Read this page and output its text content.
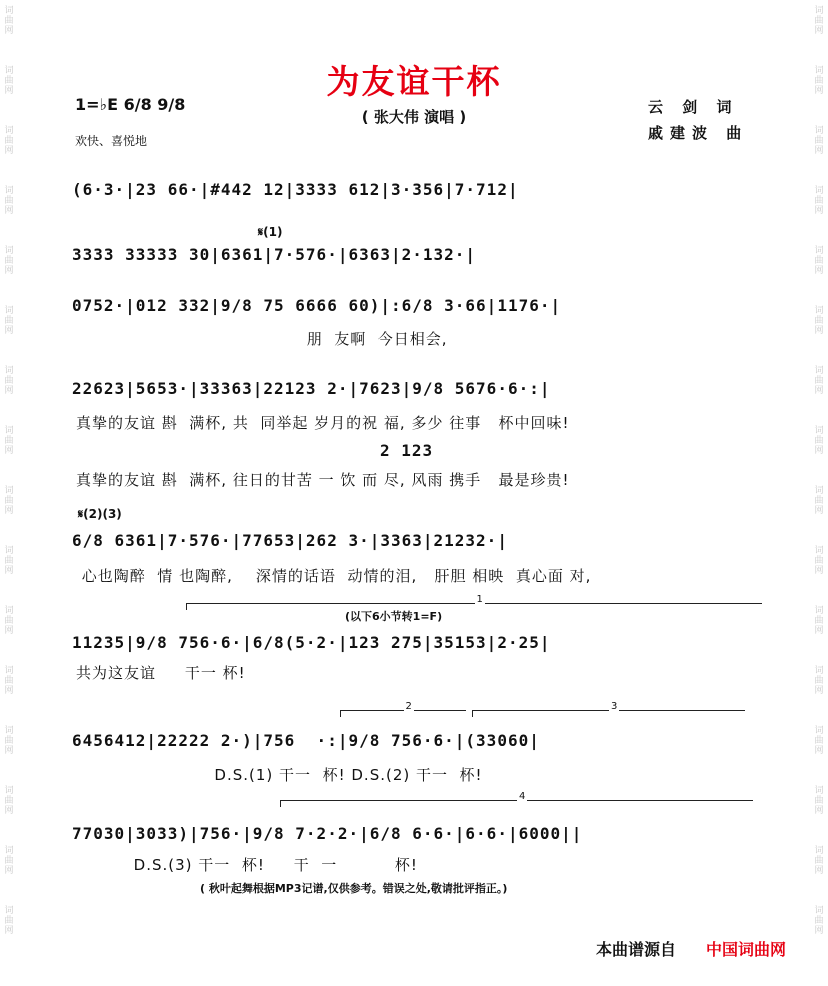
词 曲 网
词 曲 网
词 曲 网
词 曲 网
词 曲 网
词 曲 网
词 曲 网
词 曲 网
词 曲 网
词 曲 网
词 曲 网
词 曲 网
词 曲 网
词 曲 网
词 曲 网
词 曲 网
词 曲 网
词 曲 网
词 曲 网
词 曲 网
词 曲 网
词 曲 网
词 曲 网
词 曲 网
词 曲 网
词 曲 网
词 曲 网
词 曲 网
词 曲 网
词 曲 网
词 曲 网
词 曲 网
为友谊干杯
( 张大伟 演唱 )
云 剑 词
戚建波 曲
1=♭E 6/8 9/8
欢快、喜悦地
(6·3·|23 66·|#442 12|3333 612|3·356|7·712|
𝄋(1)
3333 33333 30|6361|7·576·|6363|2·132·|
0752·|012 332|9/8 75 6666 60)|:6/8 3·66|1176·|
朋  友啊  今日相会,
22623|5653·|33363|22123 2·|7623|9/8 5676·6·:|
真挚的友谊 斟  满杯, 共  同举起 岁月的祝 福, 多少 往事   杯中回味!
2 123
真挚的友谊 斟  满杯, 往日的甘苦 一 饮 而 尽, 风雨 携手   最是珍贵!
𝄋(2)(3)
6/8 6361|7·576·|77653|262 3·|3363|21232·|
心也陶醉  情 也陶醉,    深情的话语  动情的泪,   肝胆 相映  真心面 对,
1
(以下6小节转1=F)
11235|9/8 756·6·|6/8(5·2·|123 275|35153|2·25|
共为这友谊     干一 杯!
2	3
6456412|22222 2·)|756  ·:|9/8 756·6·|(33060|
D.S.(1) 干一  杯! D.S.(2) 干一  杯!
4
77030|3033)|756·|9/8 7·2·2·|6/8 6·6·|6·6·|6000||
D.S.(3) 干一  杯!     干  一          杯!
( 秋叶起舞根据MP3记谱,仅供参考。错误之处,敬请批评指正。)
本曲谱源自 中国词曲网
